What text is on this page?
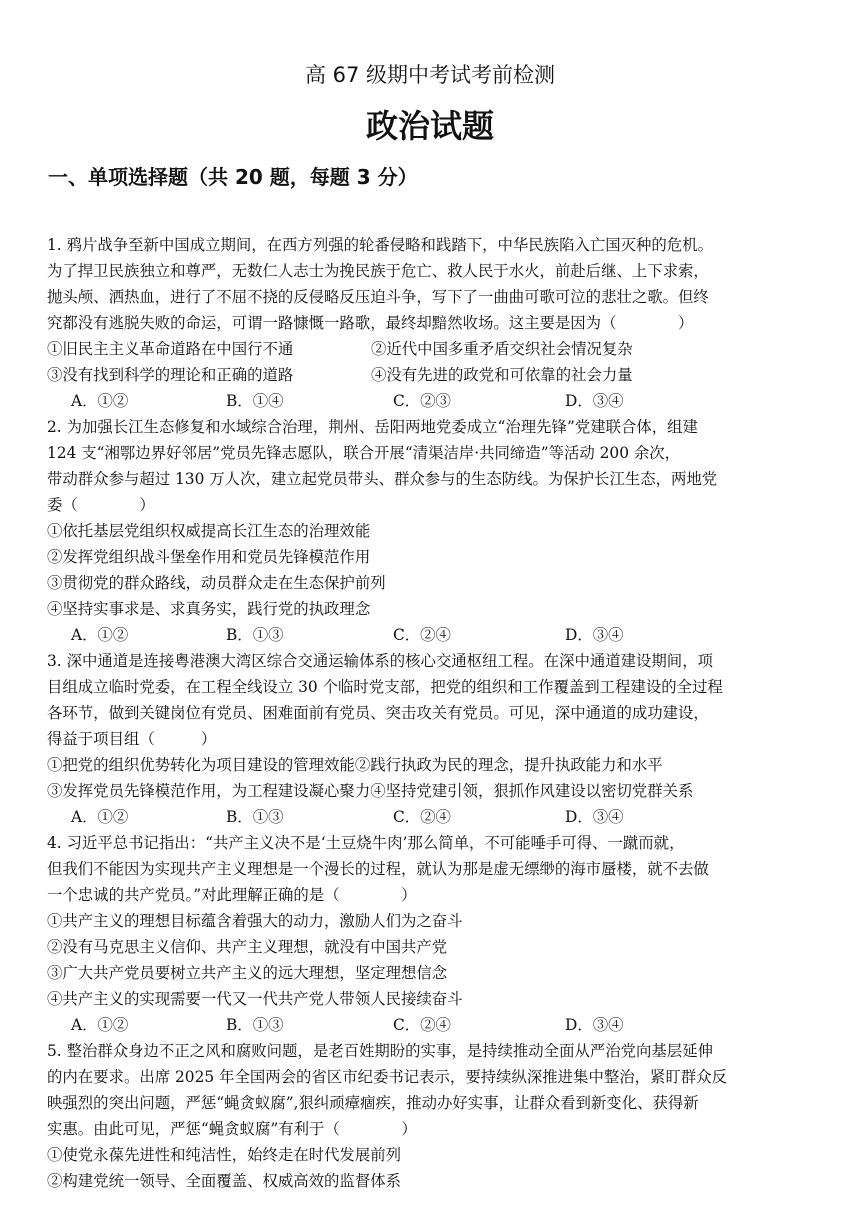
高 67 级期中考试考前检测
政治试题
一、单项选择题（共 20 题，每题 3 分）
1. 鸦片战争至新中国成立期间，在西方列强的轮番侵略和践踏下，中华民族陷入亡国灭种的危机。
为了捍卫民族独立和尊严，无数仁人志士为挽民族于危亡、救人民于水火，前赴后继、上下求索，
抛头颅、洒热血，进行了不屈不挠的反侵略反压迫斗争，写下了一曲曲可歌可泣的悲壮之歌。但终
究都没有逃脱失败的命运，可谓一路慷慨一路歌，最终却黯然收场。这主要是因为（　　　　）
①旧民主主义革命道路在中国行不通	②近代中国多重矛盾交织社会情况复杂
③没有找到科学的理论和正确的道路	④没有先进的政党和可依靠的社会力量
A．①②	B．①④	C．②③	D．③④
2. 为加强长江生态修复和水域综合治理，荆州、岳阳两地党委成立“治理先锋”党建联合体，组建
124 支“湘鄂边界好邻居”党员先锋志愿队，联合开展“清渠洁岸·共同缔造”等活动 200 余次，
带动群众参与超过 130 万人次，建立起党员带头、群众参与的生态防线。为保护长江生态，两地党
委（　　　　）
①依托基层党组织权威提高长江生态的治理效能
②发挥党组织战斗堡垒作用和党员先锋模范作用
③贯彻党的群众路线，动员群众走在生态保护前列
④坚持实事求是、求真务实，践行党的执政理念
A．①②	B．①③	C．②④	D．③④
3. 深中通道是连接粤港澳大湾区综合交通运输体系的核心交通枢纽工程。在深中通道建设期间，项
目组成立临时党委，在工程全线设立 30 个临时党支部，把党的组织和工作覆盖到工程建设的全过程
各环节，做到关键岗位有党员、困难面前有党员、突击攻关有党员。可见，深中通道的成功建设，
得益于项目组（　　　）
①把党的组织优势转化为项目建设的管理效能②践行执政为民的理念，提升执政能力和水平
③发挥党员先锋模范作用，为工程建设凝心聚力④坚持党建引领，狠抓作风建设以密切党群关系
A．①②	B．①③	C．②④	D．③④
4. 习近平总书记指出：“共产主义决不是‘土豆烧牛肉’那么简单，不可能唾手可得、一蹴而就，
但我们不能因为实现共产主义理想是一个漫长的过程，就认为那是虚无缥缈的海市蜃楼，就不去做
一个忠诚的共产党员。”对此理解正确的是（　　　　）
①共产主义的理想目标蕴含着强大的动力，激励人们为之奋斗
②没有马克思主义信仰、共产主义理想，就没有中国共产党
③广大共产党员要树立共产主义的远大理想，坚定理想信念
④共产主义的实现需要一代又一代共产党人带领人民接续奋斗
A．①②	B．①③	C．②④	D．③④
5. 整治群众身边不正之风和腐败问题，是老百姓期盼的实事，是持续推动全面从严治党向基层延伸
的内在要求。出席 2025 年全国两会的省区市纪委书记表示，要持续纵深推进集中整治，紧盯群众反
映强烈的突出问题，严惩“蝇贪蚁腐”,狠纠顽瘴痼疾，推动办好实事，让群众看到新变化、获得新
实惠。由此可见，严惩“蝇贪蚁腐”有利于（　　　　）
①使党永葆先进性和纯洁性，始终走在时代发展前列
②构建党统一领导、全面覆盖、权威高效的监督体系
